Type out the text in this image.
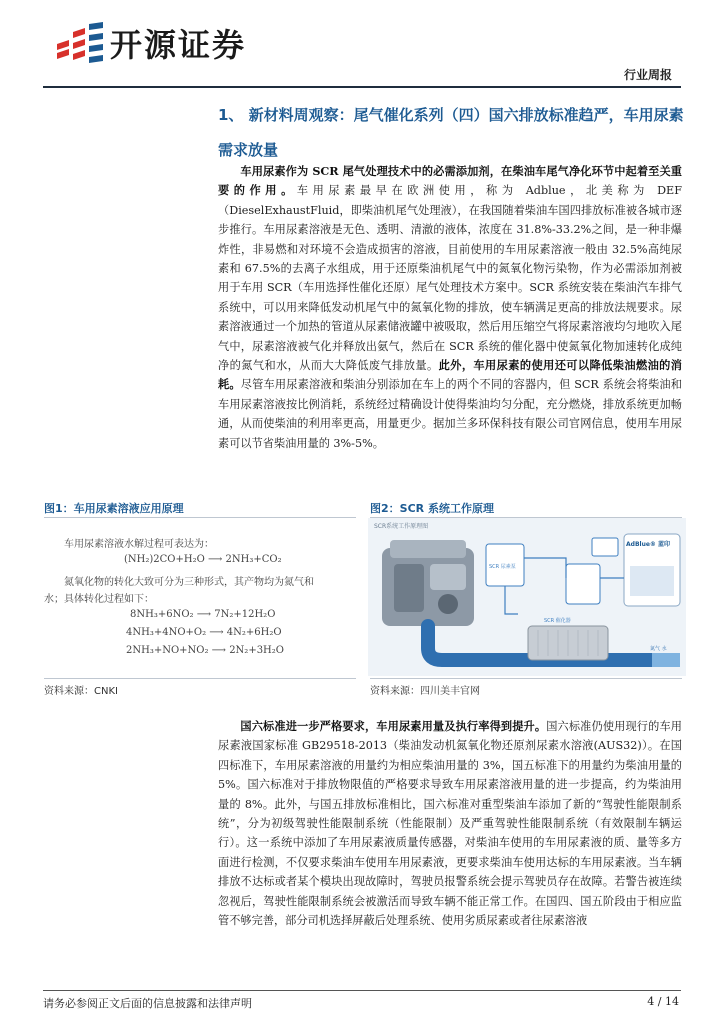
开源证券
行业周报
1、 新材料周观察：尾气催化系列（四）国六排放标准趋严，车用尿素需求放量
车用尿素作为 SCR 尾气处理技术中的必需添加剂，在柴油车尾气净化环节中起着至关重要的作用。车用尿素最早在欧洲使用，称为 Adblue，北美称为 DEF（DieselExhaustFluid，即柴油机尾气处理液），在我国随着柴油车国四排放标准被各城市逐步推行。车用尿素溶液是无色、透明、清澈的液体，浓度在 31.8%-33.2%之间，是一种非爆炸性，非易燃和对环境不会造成损害的溶液，目前使用的车用尿素溶液一般由 32.5%高纯尿素和 67.5%的去离子水组成，用于还原柴油机尾气中的氮氧化物污染物，作为必需添加剂被用于车用 SCR（车用选择性催化还原）尾气处理技术方案中。SCR 系统安装在柴油汽车排气系统中，可以用来降低发动机尾气中的氮氧化物的排放，使车辆满足更高的排放法规要求。尿素溶液通过一个加热的管道从尿素储液罐中被吸取，然后用压缩空气将尿素溶液均匀地吹入尾气中，尿素溶液被气化并释放出氨气，然后在 SCR 系统的催化器中使氮氧化物加速转化成纯净的氮气和水，从而大大降低废气排放量。此外，车用尿素的使用还可以降低柴油燃油的消耗。尽管车用尿素溶液和柴油分别添加在车上的两个不同的容器内，但 SCR 系统会将柴油和车用尿素溶液按比例消耗，系统经过精确设计使得柴油均匀分配，充分燃烧，排放系统更加畅通，从而使柴油的利用率更高，用量更少。据加兰多环保科技有限公司官网信息，使用车用尿素可以节省柴油用量的 3%-5%。
图1：车用尿素溶液应用原理	图2：SCR 系统工作原理
车用尿素溶液水解过程可表达为：
(NH₂)2CO+H₂O ⟶ 2NH₃+CO₂
氮氧化物的转化大致可分为三种形式，其产物均为氮气和
水；具体转化过程如下：
8NH₃+6NO₂ ⟶ 7N₂+12H₂O
4NH₃+4NO+O₂ ⟶ 4N₂+6H₂O
2NH₃+NO+NO₂ ⟶ 2N₂+3H₂O
SCR系统工作原理图
SCR 尿素泵
AdBlue® 蓝印
SCR 催化器
氮气 水
资料来源：CNKI	资料来源：四川美丰官网
国六标准进一步严格要求，车用尿素用量及执行率得到提升。国六标准仍使用现行的车用尿素液国家标准 GB29518-2013（柴油发动机氮氧化物还原剂尿素水溶液(AUS32)）。在国四标准下，车用尿素溶液的用量约为相应柴油用量的 3%，国五标准下的用量约为柴油用量的 5%。国六标准对于排放物限值的严格要求导致车用尿素溶液用量的进一步提高，约为柴油用量的 8%。此外，与国五排放标准相比，国六标准对重型柴油车添加了新的“驾驶性能限制系统”，分为初级驾驶性能限制系统（性能限制）及严重驾驶性能限制系统（有效限制车辆运行）。这一系统中添加了车用尿素液质量传感器，对柴油车使用的车用尿素液的质、量等多方面进行检测，不仅要求柴油车使用车用尿素液，更要求柴油车使用达标的车用尿素液。当车辆排放不达标或者某个模块出现故障时，驾驶员报警系统会提示驾驶员存在故障。若警告被连续忽视后，驾驶性能限制系统会被激活而导致车辆不能正常工作。在国四、国五阶段由于相应监管不够完善，部分司机选择屏蔽后处理系统、使用劣质尿素或者往尿素溶液
请务必参阅正文后面的信息披露和法律声明	4 / 14
